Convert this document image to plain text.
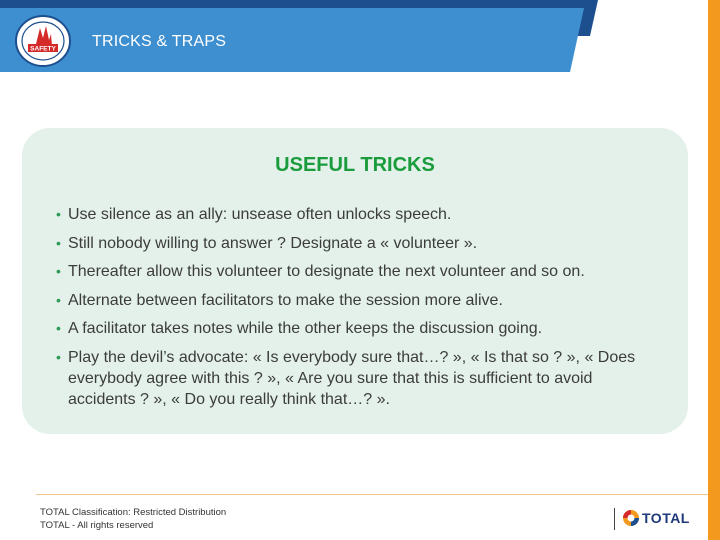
SAFETY TRICKS & TRAPS
USEFUL TRICKS
• Use silence as an ally: unsease often unlocks speech.
• Still nobody willing to answer ? Designate a « volunteer ».
• Thereafter allow this volunteer to designate the next volunteer and so on.
• Alternate between facilitators to make the session more alive.
• A facilitator takes notes while the other keeps the discussion going.
• Play the devil’s advocate: « Is everybody sure that…? », « Is that so ? », « Does everybody agree with this ? », « Are you sure that this is sufficient to avoid accidents ? », « Do you really think that…? ».
TOTAL Classification: Restricted Distribution
TOTAL - All rights reserved	TOTAL
